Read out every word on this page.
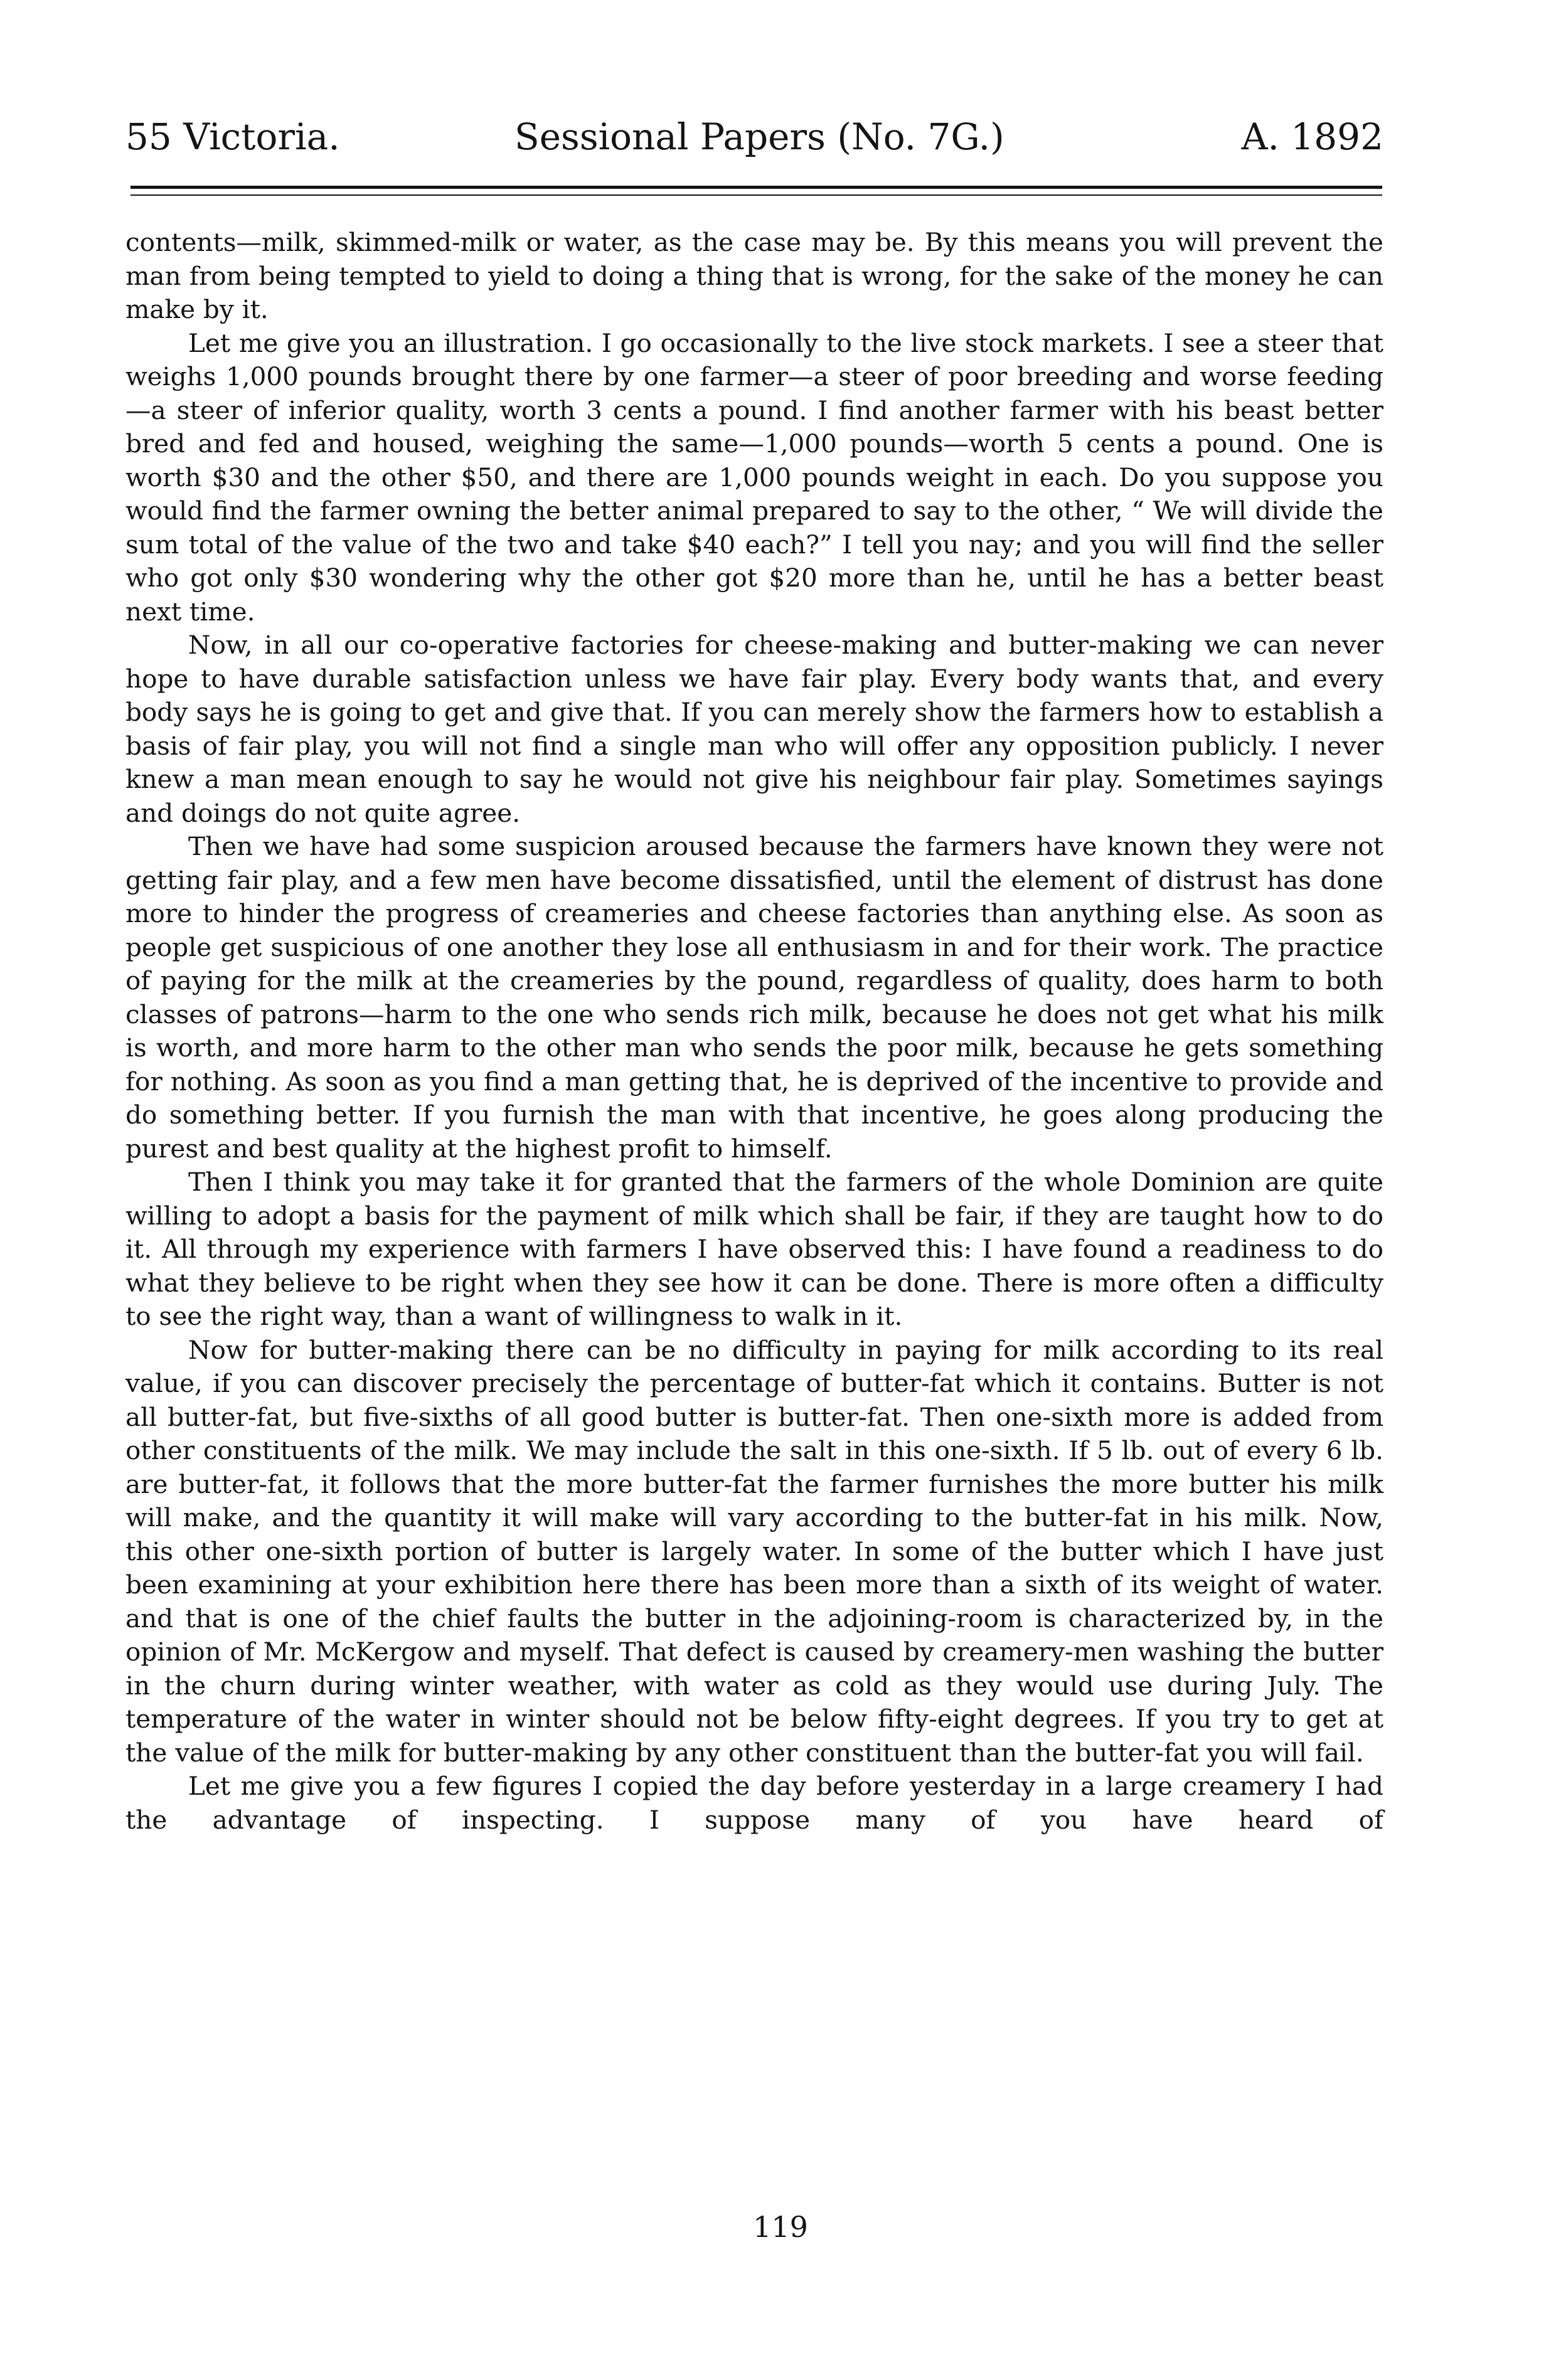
55 Victoria.	Sessional Papers (No. 7G.)	A. 1892

contents—milk, skimmed-milk or water, as the case may be. By this means you will prevent the man from being tempted to yield to doing a thing that is wrong, for the sake of the money he can make by it.

Let me give you an illustration. I go occasionally to the live stock markets. I see a steer that weighs 1,000 pounds brought there by one farmer—a steer of poor breeding and worse feeding—a steer of inferior quality, worth 3 cents a pound. I find another farmer with his beast better bred and fed and housed, weighing the same—1,000 pounds—worth 5 cents a pound. One is worth $30 and the other $50, and there are 1,000 pounds weight in each. Do you suppose you would find the farmer owning the better animal prepared to say to the other, “ We will divide the sum total of the value of the two and take $40 each?” I tell you nay; and you will find the seller who got only $30 wondering why the other got $20 more than he, until he has a better beast next time.

Now, in all our co-operative factories for cheese-making and butter-making we can never hope to have durable satisfaction unless we have fair play. Every body wants that, and every body says he is going to get and give that. If you can merely show the farmers how to establish a basis of fair play, you will not find a single man who will offer any opposition publicly. I never knew a man mean enough to say he would not give his neighbour fair play. Sometimes sayings and doings do not quite agree.

Then we have had some suspicion aroused because the farmers have known they were not getting fair play, and a few men have become dissatisfied, until the element of distrust has done more to hinder the progress of creameries and cheese factories than anything else. As soon as people get suspicious of one another they lose all enthusiasm in and for their work. The practice of paying for the milk at the creameries by the pound, regardless of quality, does harm to both classes of patrons—harm to the one who sends rich milk, because he does not get what his milk is worth, and more harm to the other man who sends the poor milk, because he gets something for nothing. As soon as you find a man getting that, he is deprived of the incentive to provide and do something better. If you furnish the man with that incentive, he goes along producing the purest and best quality at the highest profit to himself.

Then I think you may take it for granted that the farmers of the whole Dominion are quite willing to adopt a basis for the payment of milk which shall be fair, if they are taught how to do it. All through my experience with farmers I have observed this: I have found a readiness to do what they believe to be right when they see how it can be done. There is more often a difficulty to see the right way, than a want of willingness to walk in it.

Now for butter-making there can be no difficulty in paying for milk according to its real value, if you can discover precisely the percentage of butter-fat which it contains. Butter is not all butter-fat, but five-sixths of all good butter is butter-fat. Then one-sixth more is added from other constituents of the milk. We may include the salt in this one-sixth. If 5 lb. out of every 6 lb. are butter-fat, it follows that the more butter-fat the farmer furnishes the more butter his milk will make, and the quantity it will make will vary according to the butter-fat in his milk. Now, this other one-sixth portion of butter is largely water. In some of the butter which I have just been examining at your exhibition here there has been more than a sixth of its weight of water. and that is one of the chief faults the butter in the adjoining-room is characterized by, in the opinion of Mr. McKergow and myself. That defect is caused by creamery-men washing the butter in the churn during winter weather, with water as cold as they would use during July. The temperature of the water in winter should not be below fifty-eight degrees. If you try to get at the value of the milk for butter-making by any other constituent than the butter-fat you will fail.

Let me give you a few figures I copied the day before yesterday in a large creamery I had the advantage of inspecting. I suppose many of you have heard of

119
